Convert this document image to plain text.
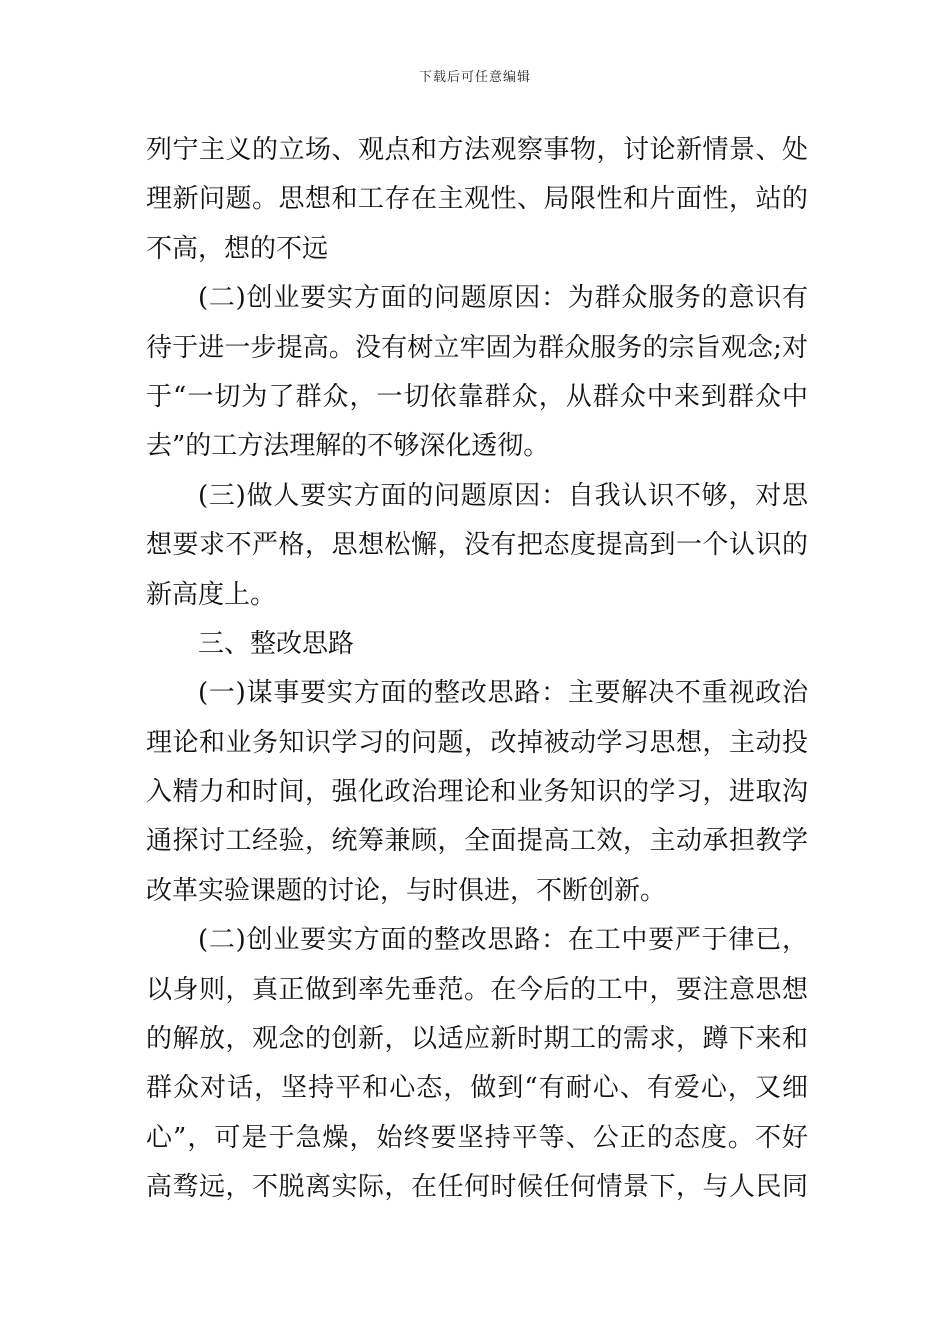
下载后可任意编辑
列宁主义的立场、观点和方法观察事物，讨论新情景、处
理新问题。思想和工存在主观性、局限性和片面性，站的
不高，想的不远
(二)创业要实方面的问题原因：为群众服务的意识有
待于进一步提高。没有树立牢固为群众服务的宗旨观念;对
于“一切为了群众，一切依靠群众，从群众中来到群众中
去”的工方法理解的不够深化透彻。
(三)做人要实方面的问题原因：自我认识不够，对思
想要求不严格，思想松懈，没有把态度提高到一个认识的
新高度上。
三、整改思路
(一)谋事要实方面的整改思路：主要解决不重视政治
理论和业务知识学习的问题，改掉被动学习思想，主动投
入精力和时间，强化政治理论和业务知识的学习，进取沟
通探讨工经验，统筹兼顾，全面提高工效，主动承担教学
改革实验课题的讨论，与时俱进，不断创新。
(二)创业要实方面的整改思路：在工中要严于律已，
以身则，真正做到率先垂范。在今后的工中，要注意思想
的解放，观念的创新，以适应新时期工的需求，蹲下来和
群众对话，坚持平和心态，做到“有耐心、有爱心，又细
心”，可是于急燥，始终要坚持平等、公正的态度。不好
高骛远，不脱离实际，在任何时候任何情景下，与人民同
